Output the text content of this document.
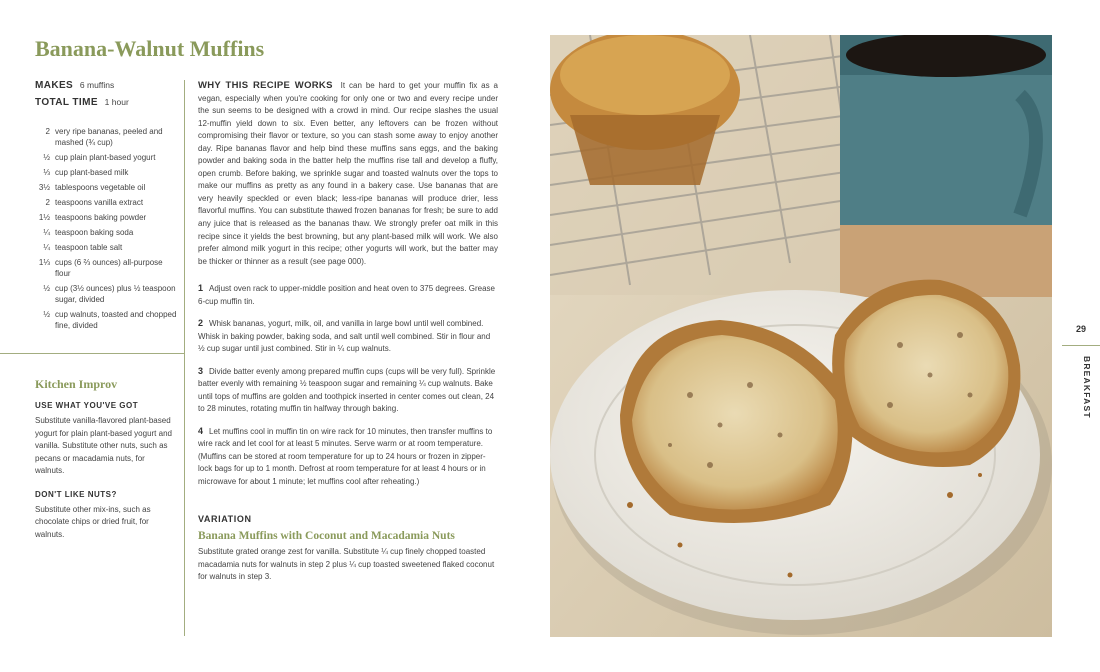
Banana-Walnut Muffins
MAKES 6 muffins
TOTAL TIME 1 hour
2 very ripe bananas, peeled and mashed (¾ cup)
½ cup plain plant-based yogurt
⅓ cup plant-based milk
3½ tablespoons vegetable oil
2 teaspoons vanilla extract
1½ teaspoons baking powder
¼ teaspoon baking soda
¼ teaspoon table salt
1⅓ cups (6 ⅔ ounces) all-purpose flour
½ cup (3½ ounces) plus ½ teaspoon sugar, divided
½ cup walnuts, toasted and chopped fine, divided
Kitchen Improv
USE WHAT YOU'VE GOT

Substitute vanilla-flavored plant-based yogurt for plain plant-based yogurt and vanilla. Substitute other nuts, such as pecans or macadamia nuts, for walnuts.

DON'T LIKE NUTS?

Substitute other mix-ins, such as chocolate chips or dried fruit, for walnuts.

WHY THIS RECIPE WORKS It can be hard to get your muffin fix as a vegan, especially when you're cooking for only one or two and every recipe under the sun seems to be designed with a crowd in mind. Our recipe slashes the usual 12-muffin yield down to six. Even better, any leftovers can be frozen without compromising their flavor or texture, so you can stash some away to enjoy another day. Ripe bananas flavor and help bind these muffins sans eggs, and the baking powder and baking soda in the batter help the muffins rise tall and develop a fluffy, open crumb. Before baking, we sprinkle sugar and toasted walnuts over the tops to make our muffins as pretty as any found in a bakery case. Use bananas that are very heavily speckled or even black; less-ripe bananas will produce drier, less flavorful muffins. You can substitute thawed frozen bananas for fresh; be sure to add any juice that is released as the bananas thaw. We strongly prefer oat milk in this recipe since it yields the best browning, but any plant-based milk will work. We also prefer almond milk yogurt in this recipe; other yogurts will work, but the batter may be thicker or thinner as a result (see page 000).

1 Adjust oven rack to upper-middle position and heat oven to 375 degrees. Grease 6-cup muffin tin.

2 Whisk bananas, yogurt, milk, oil, and vanilla in large bowl until well combined. Whisk in baking powder, baking soda, and salt until well combined. Stir in flour and ½ cup sugar until just combined. Stir in ¼ cup walnuts.

3 Divide batter evenly among prepared muffin cups (cups will be very full). Sprinkle batter evenly with remaining ½ teaspoon sugar and remaining ¼ cup walnuts. Bake until tops of muffins are golden and toothpick inserted in center comes out clean, 24 to 28 minutes, rotating muffin tin halfway through baking.

4 Let muffins cool in muffin tin on wire rack for 10 minutes, then transfer muffins to wire rack and let cool for at least 5 minutes. Serve warm or at room temperature. (Muffins can be stored at room temperature for up to 24 hours or frozen in zipper-lock bags for up to 1 month. Defrost at room temperature for at least 4 hours or in microwave for about 1 minute; let muffins cool after reheating.)

VARIATION
Banana Muffins with Coconut and Macadamia Nuts

Substitute grated orange zest for vanilla. Substitute ¼ cup finely chopped toasted macadamia nuts for walnuts in step 2 plus ¼ cup toasted sweetened flaked coconut for walnuts in step 3.

29
BREAKFAST
